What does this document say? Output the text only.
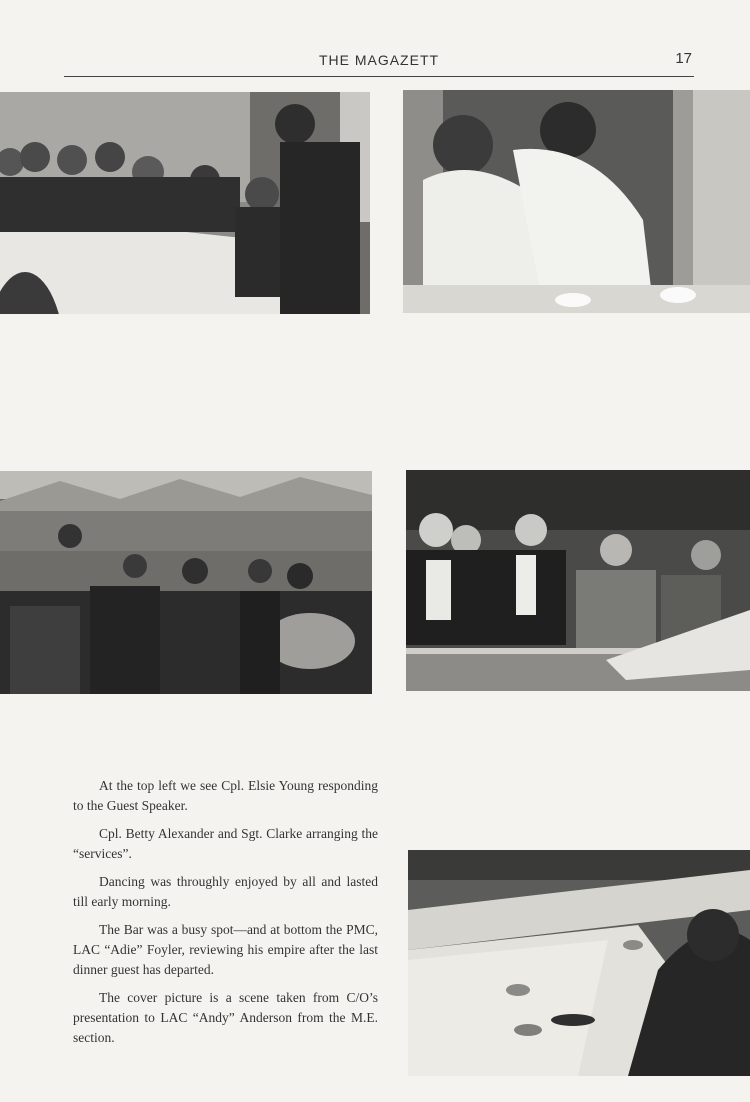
THE MAGAZETT	17

At the top left we see Cpl. Elsie Young responding to the Guest Speaker.

Cpl. Betty Alexander and Sgt. Clarke arranging the “services”.

Dancing was throughly enjoyed by all and lasted till early morning.

The Bar was a busy spot—and at bottom the PMC, LAC “Adie” Foyler, reviewing his empire after the last dinner guest has departed.

The cover picture is a scene taken from C/O’s presentation to LAC “Andy” Anderson from the M.E. section.
